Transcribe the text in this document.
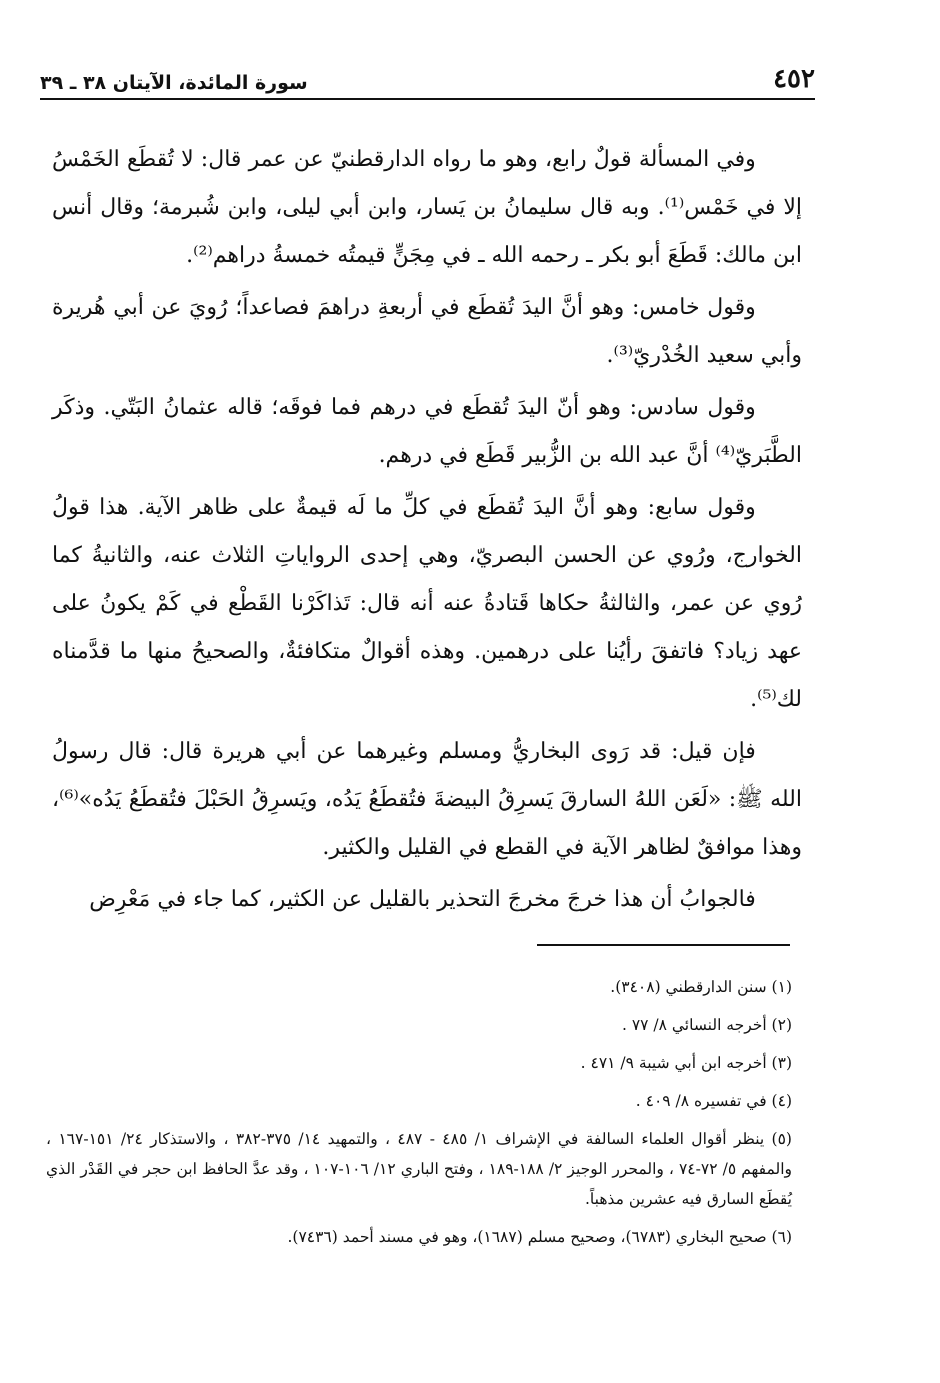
٤٥٢
سورة المائدة، الآيتان ٣٨ ـ ٣٩

وفي المسألة قولٌ رابع، وهو ما رواه الدارقطنيّ عن عمر قال: لا تُقطَع الخَمْسُ إلا في خَمْس⁽¹⁾. وبه قال سليمانُ بن يَسار، وابن أبي ليلى، وابن شُبرمة؛ وقال أنس ابن مالك: قَطَعَ أبو بكر ـ رحمه الله ـ في مِجَنٍّ قيمتُه خمسةُ دراهم⁽²⁾.

وقول خامس: وهو أنَّ اليدَ تُقطَع في أربعةِ دراهمَ فصاعداً؛ رُويَ عن أبي هُريرة وأبي سعيد الخُدْريّ⁽³⁾.

وقول سادس: وهو أنّ اليدَ تُقطَع في درهم فما فوقَه؛ قاله عثمانُ البَتّي. وذكَر الطَّبَريّ⁽⁴⁾ أنَّ عبد الله بن الزُّبير قَطَع في درهم.

وقول سابع: وهو أنَّ اليدَ تُقطَع في كلِّ ما لَه قيمةٌ على ظاهر الآية. هذا قولُ الخوارج، ورُوي عن الحسن البصريّ، وهي إحدى الرواياتِ الثلاث عنه، والثانيةُ كما رُوي عن عمر، والثالثةُ حكاها قَتادةُ عنه أنه قال: تَذاكَرْنا القَطْع في كَمْ يكونُ على عهد زياد؟ فاتفقَ رأيُنا على درهمين. وهذه أقوالٌ متكافئةٌ، والصحيحُ منها ما قدَّمناه لك⁽⁵⁾.

فإن قيل: قد رَوى البخاريُّ ومسلم وغيرهما عن أبي هريرة قال: قال رسولُ الله ﷺ: «لَعَن اللهُ السارقَ يَسرِقُ البيضةَ فتُقطَعُ يَدُه، ويَسرِقُ الحَبْلَ فتُقطَعُ يَدُه»⁽⁶⁾، وهذا موافقٌ لظاهر الآية في القطع في القليل والكثير.

فالجوابُ أن هذا خرجَ مخرجَ التحذير بالقليل عن الكثير، كما جاء في مَعْرِض

(١) سنن الدارقطني (٣٤٠٨).

(٢) أخرجه النسائي ٨/ ٧٧ .

(٣) أخرجه ابن أبي شيبة ٩/ ٤٧١ .

(٤) في تفسيره ٨/ ٤٠٩ .

(٥) ينظر أقوال العلماء السالفة في الإشراف ١/ ٤٨٥ - ٤٨٧ ، والتمهيد ١٤/ ٣٧٥-٣٨٢ ، والاستذكار ٢٤/ ١٥١-١٦٧ ، والمفهم ٥/ ٧٢-٧٤ ، والمحرر الوجيز ٢/ ١٨٨-١٨٩ ، وفتح الباري ١٢/ ١٠٦-١٠٧ ، وقد عدَّ الحافظ ابن حجر في القَدْر الذي يُقطَع السارق فيه عشرين مذهباً.

(٦) صحيح البخاري (٦٧٨٣)، وصحيح مسلم (١٦٨٧)، وهو في مسند أحمد (٧٤٣٦).
